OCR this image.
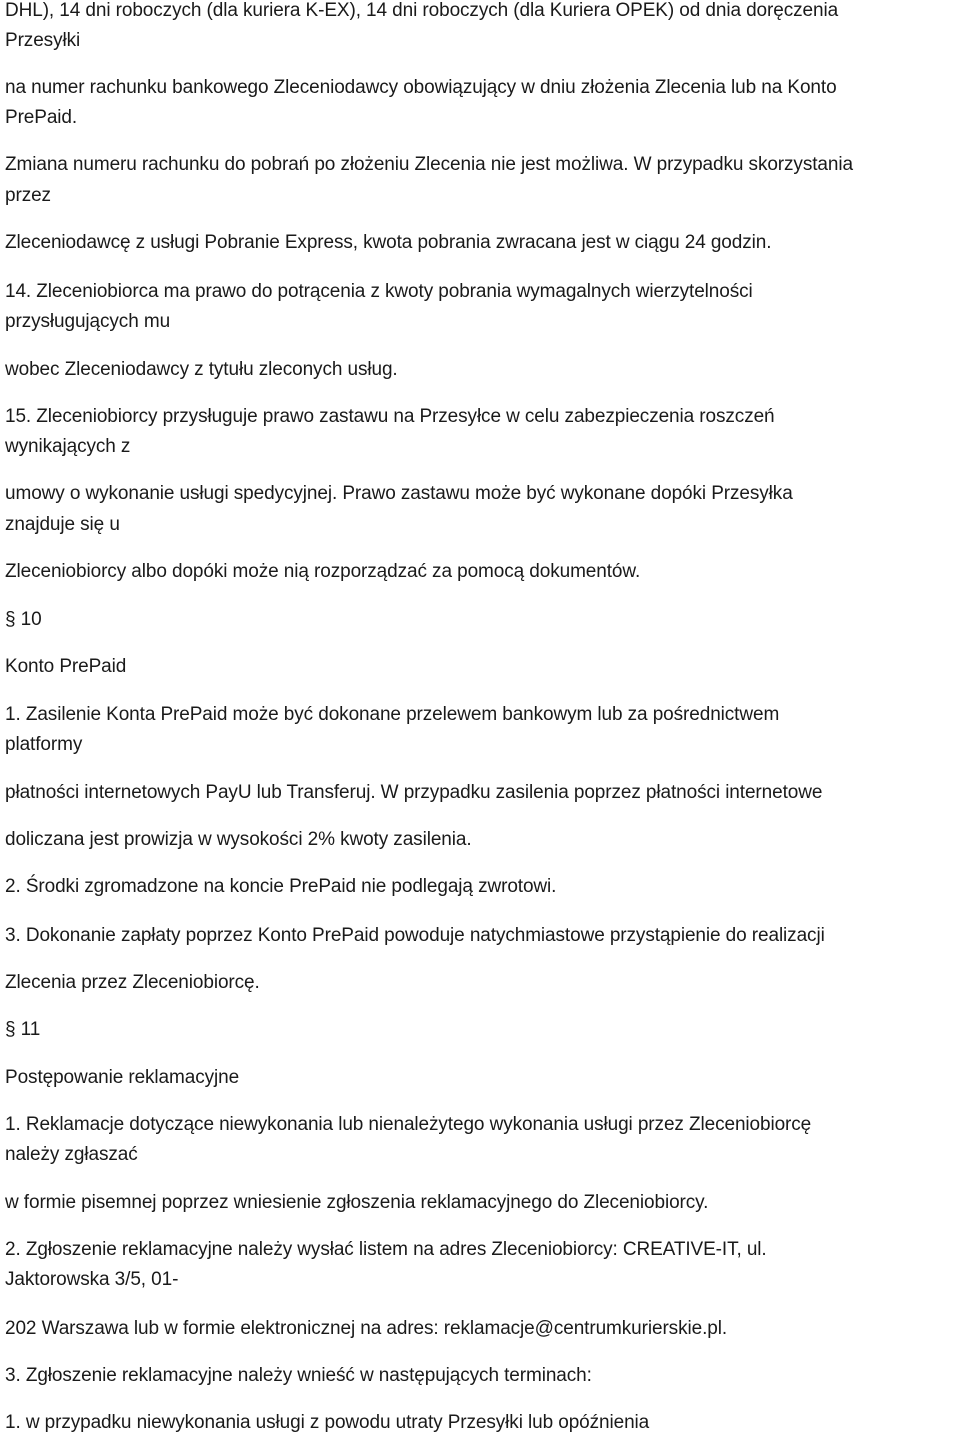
DHL), 14 dni roboczych (dla kuriera K-EX), 14 dni roboczych (dla Kuriera OPEK) od dnia doręczenia
Przesyłki
na numer rachunku bankowego Zleceniodawcy obowiązujący w dniu złożenia Zlecenia lub na Konto
PrePaid.
Zmiana numeru rachunku do pobrań po złożeniu Zlecenia nie jest możliwa. W przypadku skorzystania
przez
Zleceniodawcę z usługi Pobranie Express, kwota pobrania zwracana jest w ciągu 24 godzin.
14. Zleceniobiorca ma prawo do potrącenia z kwoty pobrania wymagalnych wierzytelności
przysługujących mu
wobec Zleceniodawcy z tytułu zleconych usług.
15. Zleceniobiorcy przysługuje prawo zastawu na Przesyłce w celu zabezpieczenia roszczeń
wynikających z
umowy o wykonanie usługi spedycyjnej. Prawo zastawu może być wykonane dopóki Przesyłka
znajduje się u
Zleceniobiorcy albo dopóki może nią rozporządzać za pomocą dokumentów.
§ 10
Konto PrePaid
1. Zasilenie Konta PrePaid może być dokonane przelewem bankowym lub za pośrednictwem
platformy
płatności internetowych PayU lub Transferuj. W przypadku zasilenia poprzez płatności internetowe
doliczana jest prowizja w wysokości 2% kwoty zasilenia.
2. Środki zgromadzone na koncie PrePaid nie podlegają zwrotowi.
3. Dokonanie zapłaty poprzez Konto PrePaid powoduje natychmiastowe przystąpienie do realizacji
Zlecenia przez Zleceniobiorcę.
§ 11
Postępowanie reklamacyjne
1. Reklamacje dotyczące niewykonania lub nienależytego wykonania usługi przez Zleceniobiorcę
należy zgłaszać
w formie pisemnej poprzez wniesienie zgłoszenia reklamacyjnego do Zleceniobiorcy.
2. Zgłoszenie reklamacyjne należy wysłać listem na adres Zleceniobiorcy: CREATIVE-IT, ul.
Jaktorowska 3/5, 01-
202 Warszawa lub w formie elektronicznej na adres: reklamacje@centrumkurierskie.pl.
3. Zgłoszenie reklamacyjne należy wnieść w następujących terminach:
1. w przypadku niewykonania usługi z powodu utraty Przesyłki lub opóźnienia
